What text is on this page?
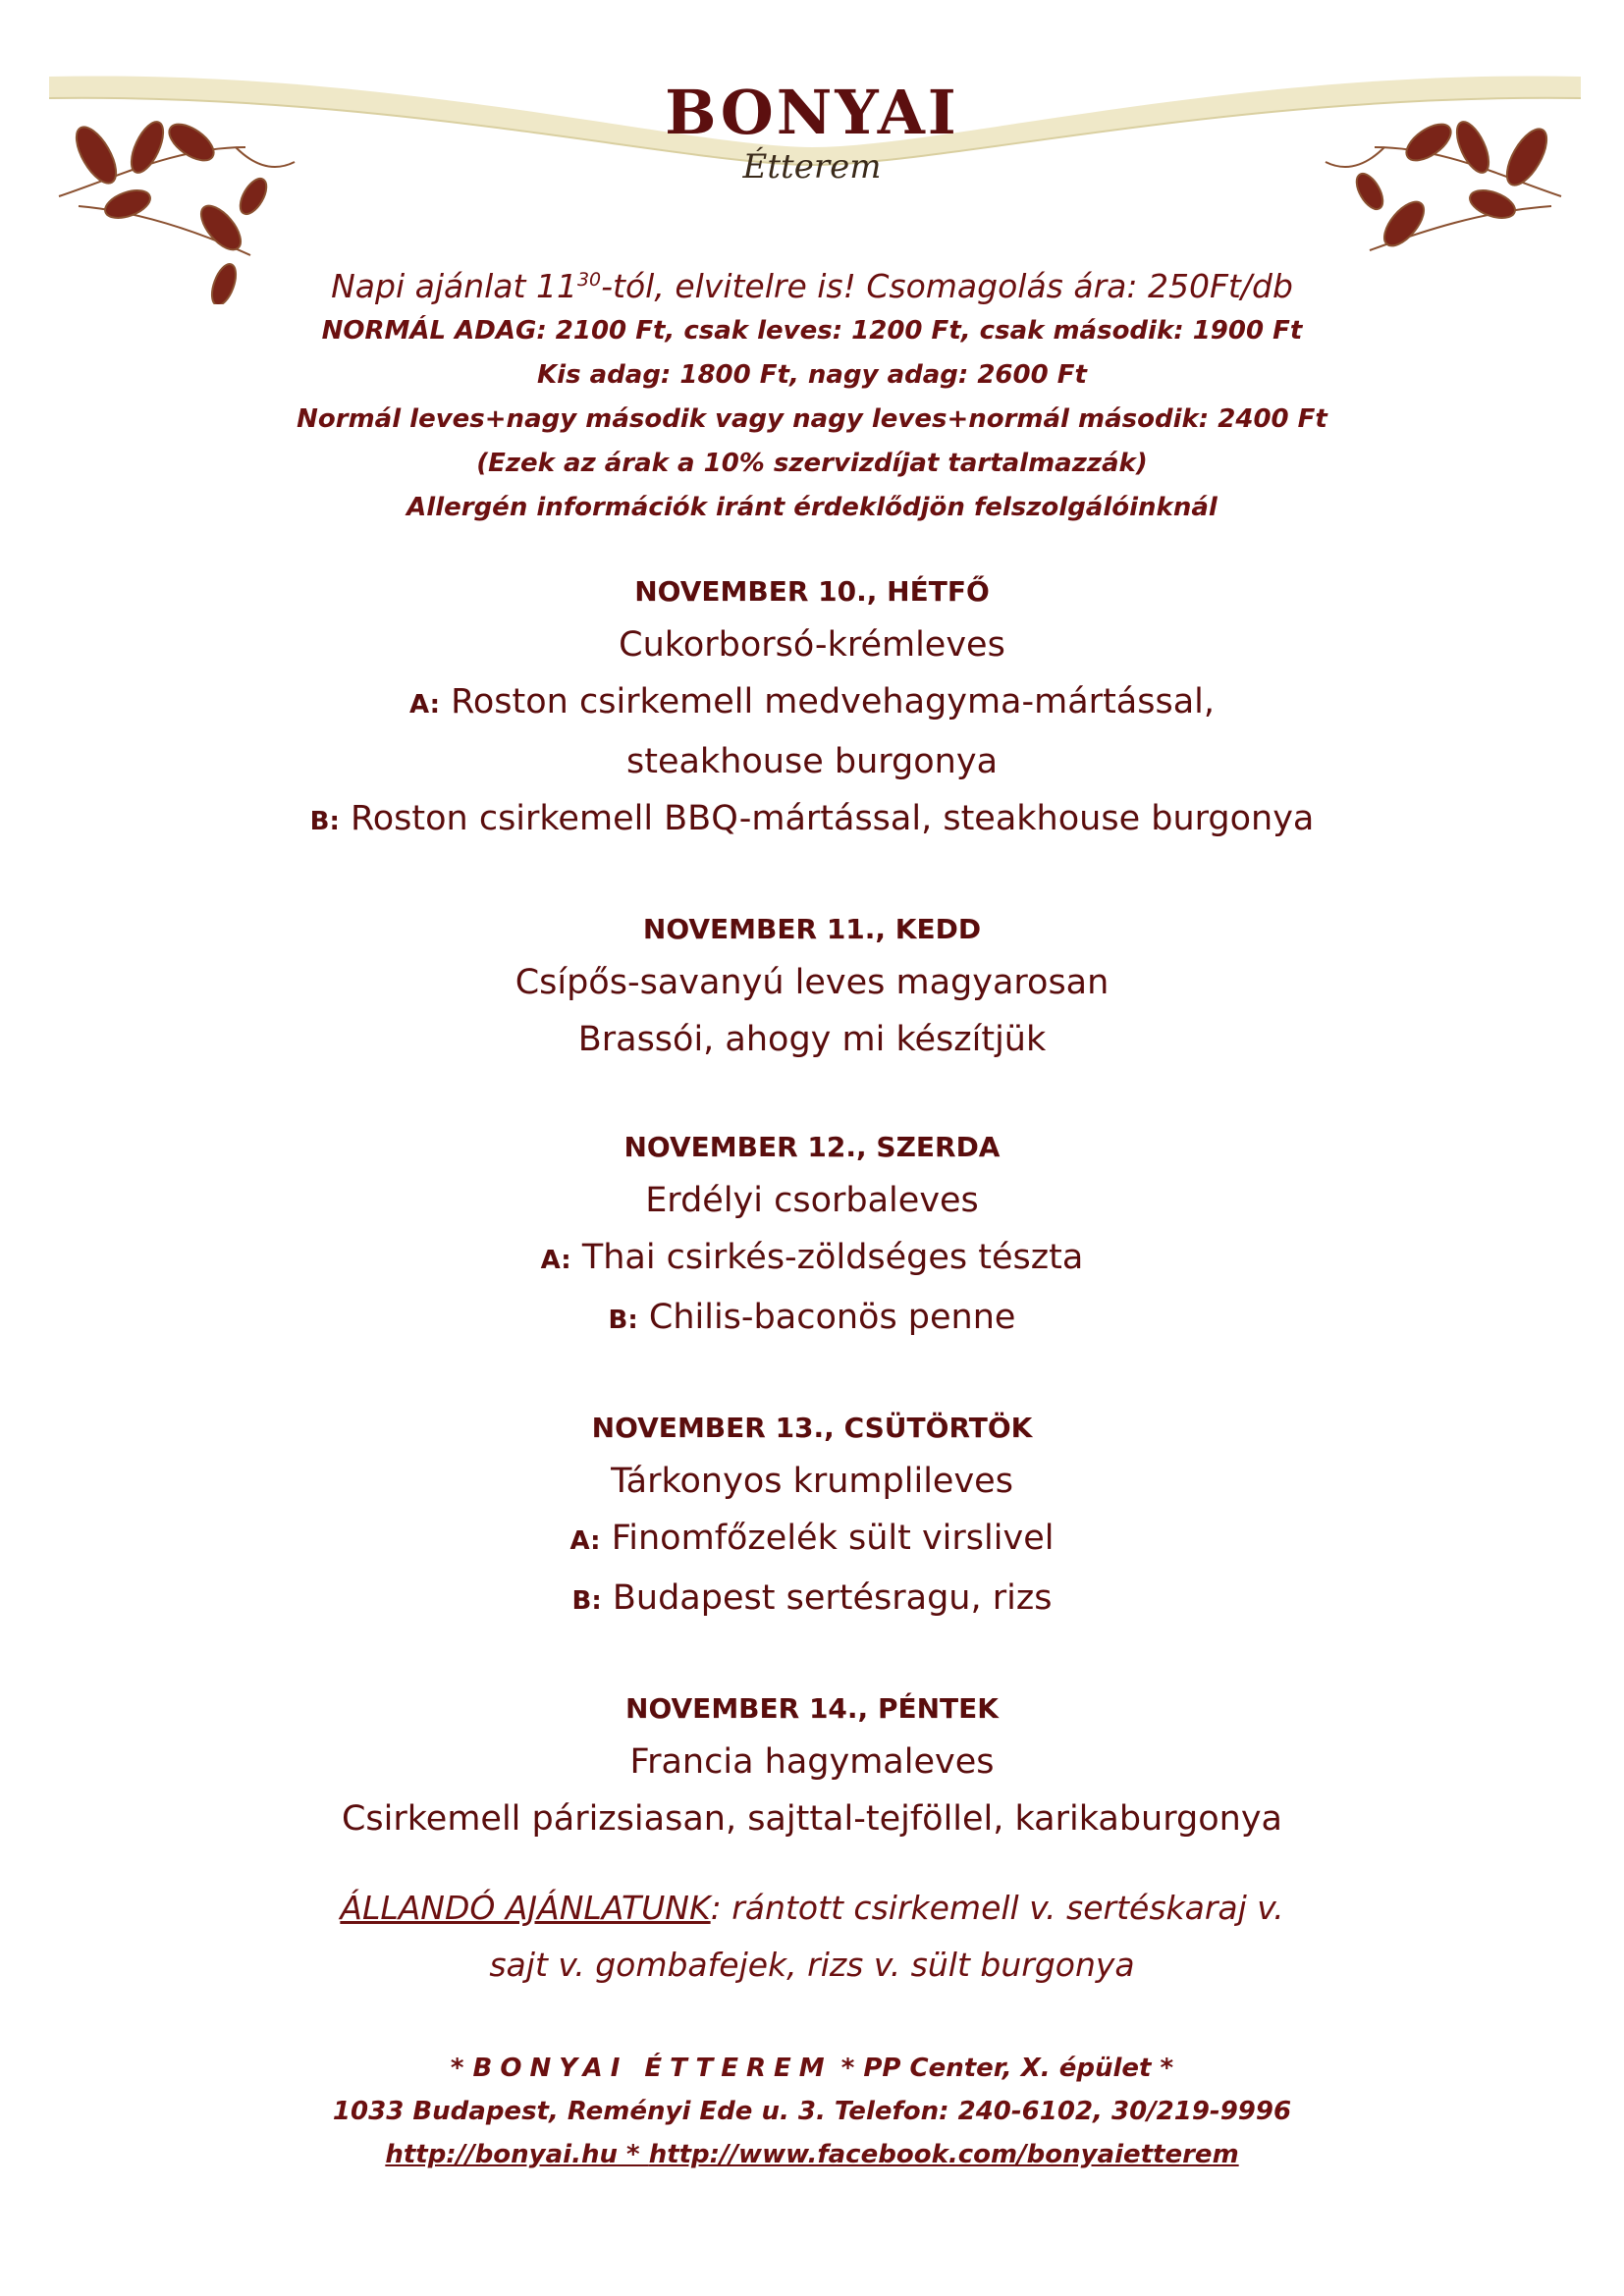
BONYAI
Étterem

Napi ajánlat $11^{30}$-tól, elvitelre is! Csomagolás ára: 250Ft/db

NORMÁL ADAG: 2100 Ft, csak leves: 1200 Ft, csak második: 1900 Ft

Kis adag: 1800 Ft, nagy adag: 2600 Ft

Normál leves+nagy második vagy nagy leves+normál második: 2400 Ft

(Ezek az árak a 10% szervizdíjat tartalmazzák)

Allergén információk iránt érdeklődjön felszolgálóinknál

NOVEMBER 10., HÉTFŐ
Cukorborsó-krémleves
A: Roston csirkemell medvehagyma-mártással,
steakhouse burgonya
B: Roston csirkemell BBQ-mártással, steakhouse burgonya
NOVEMBER 11., KEDD
Csípős-savanyú leves magyarosan
Brassói, ahogy mi készítjük
NOVEMBER 12., SZERDA
Erdélyi csorbaleves
A: Thai csirkés-zöldséges tészta
B: Chilis-baconös penne
NOVEMBER 13., CSÜTÖRTÖK
Tárkonyos krumplileves
A: Finomfőzelék sült virslivel
B: Budapest sertésragu, rizs
NOVEMBER 14., PÉNTEK
Francia hagymaleves
Csirkemell párizsiasan, sajttal-tejföllel, karikaburgonya
ÁLLANDÓ AJÁNLATUNK: rántott csirkemell v. sertéskaraj v.
sajt v. gombafejek, rizs v. sült burgonya
* BONYAI ÉTTEREM * PP Center, X. épület *
1033 Budapest, Reményi Ede u. 3. Telefon: 240-6102, 30/219-9996
http://bonyai.hu * http://www.facebook.com/bonyaietterem
